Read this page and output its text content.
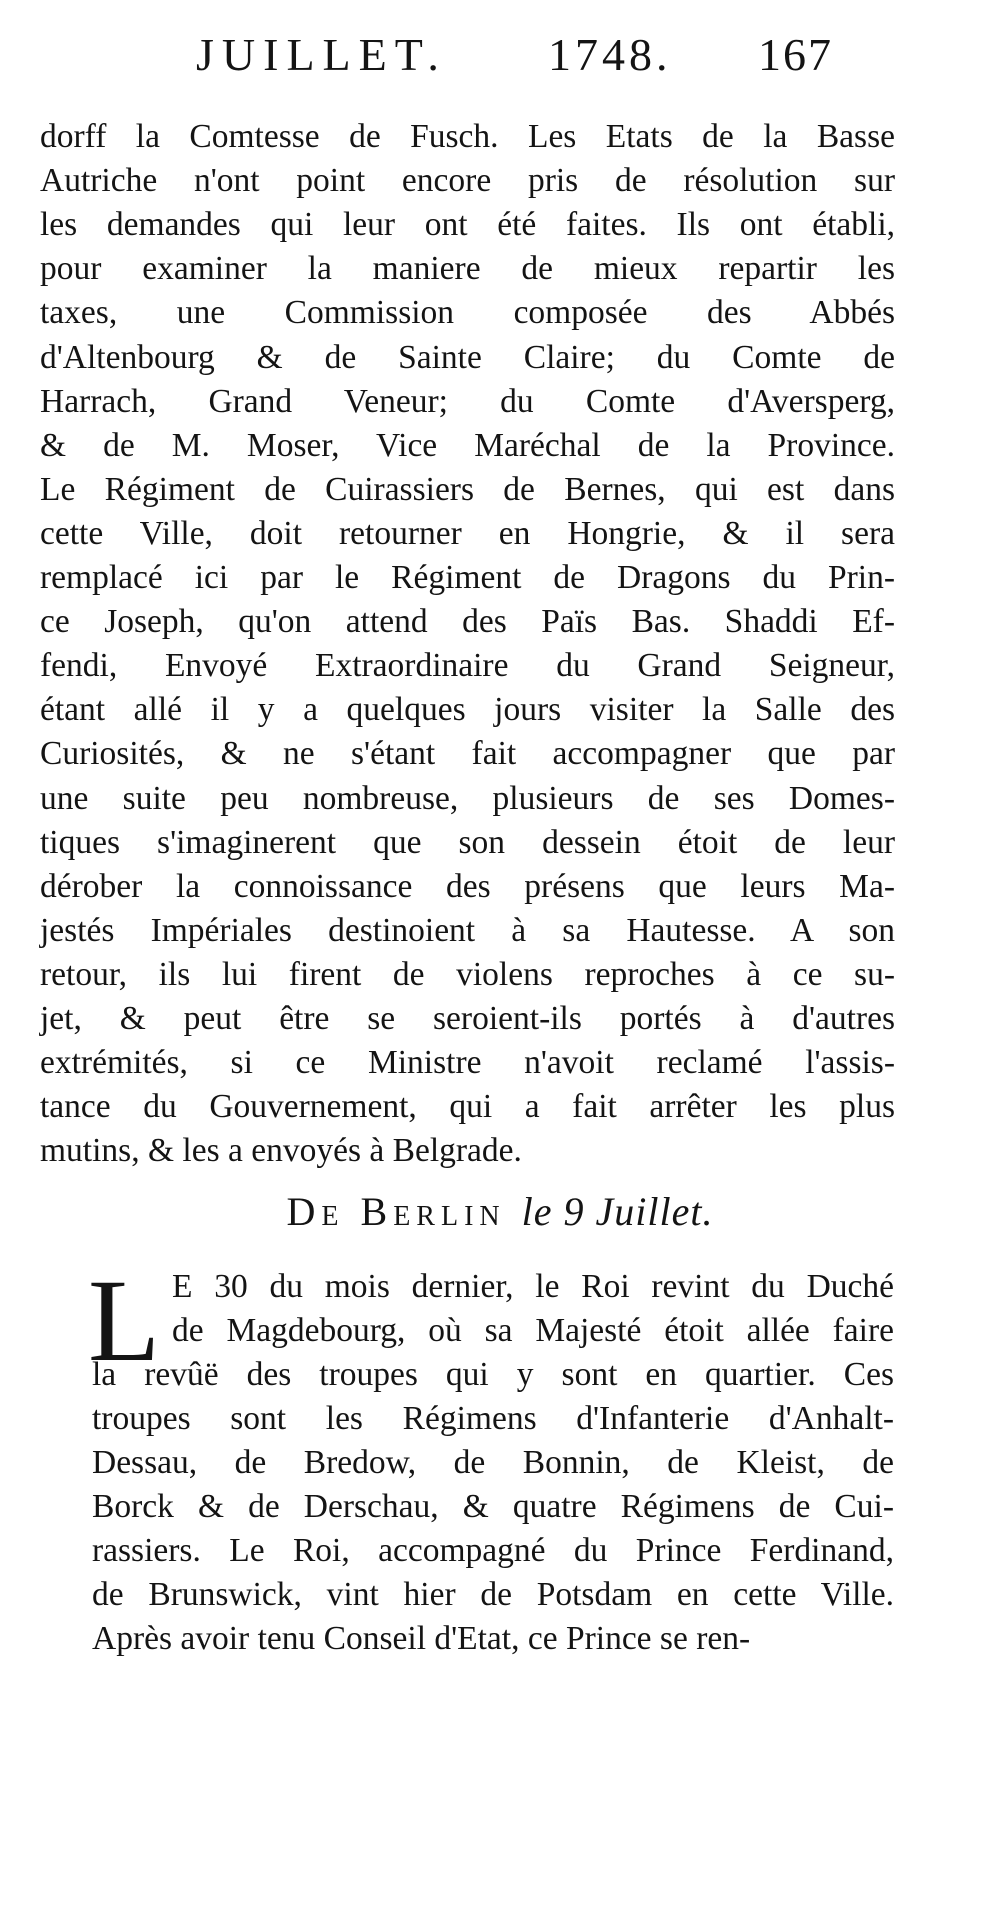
JUILLET. 1748. 167
dorff la Comtesse de Fusch. Les Etats de la Basse
Autriche n'ont point encore pris de résolution sur
les demandes qui leur ont été faites. Ils ont établi,
pour examiner la maniere de mieux repartir les
taxes, une Commission composée des Abbés
d'Altenbourg & de Sainte Claire; du Comte de
Harrach, Grand Veneur; du Comte d'Aversperg,
& de M. Moser, Vice Maréchal de la Province.
Le Régiment de Cuirassiers de Bernes, qui est dans
cette Ville, doit retourner en Hongrie, & il sera
remplacé ici par le Régiment de Dragons du Prin-
ce Joseph, qu'on attend des Païs Bas. Shaddi Ef-
fendi, Envoyé Extraordinaire du Grand Seigneur,
étant allé il y a quelques jours visiter la Salle des
Curiosités, & ne s'étant fait accompagner que par
une suite peu nombreuse, plusieurs de ses Domes-
tiques s'imaginerent que son dessein étoit de leur
dérober la connoissance des présens que leurs Ma-
jestés Impériales destinoient à sa Hautesse. A son
retour, ils lui firent de violens reproches à ce su-
jet, & peut être se seroient-ils portés à d'autres
extrémités, si ce Ministre n'avoit reclamé l'assis-
tance du Gouvernement, qui a fait arrêter les plus
mutins, & les a envoyés à Belgrade.
De Berlin le 9 Juillet.
L E 30 du mois dernier, le Roi revint du Duché
de Magdebourg, où sa Majesté étoit allée faire
la revûë des troupes qui y sont en quartier. Ces
troupes sont les Régimens d'Infanterie d'Anhalt-
Dessau, de Bredow, de Bonnin, de Kleist, de
Borck & de Derschau, & quatre Régimens de Cui-
rassiers. Le Roi, accompagné du Prince Ferdinand,
de Brunswick, vint hier de Potsdam en cette Ville.
Après avoir tenu Conseil d'Etat, ce Prince se ren-
